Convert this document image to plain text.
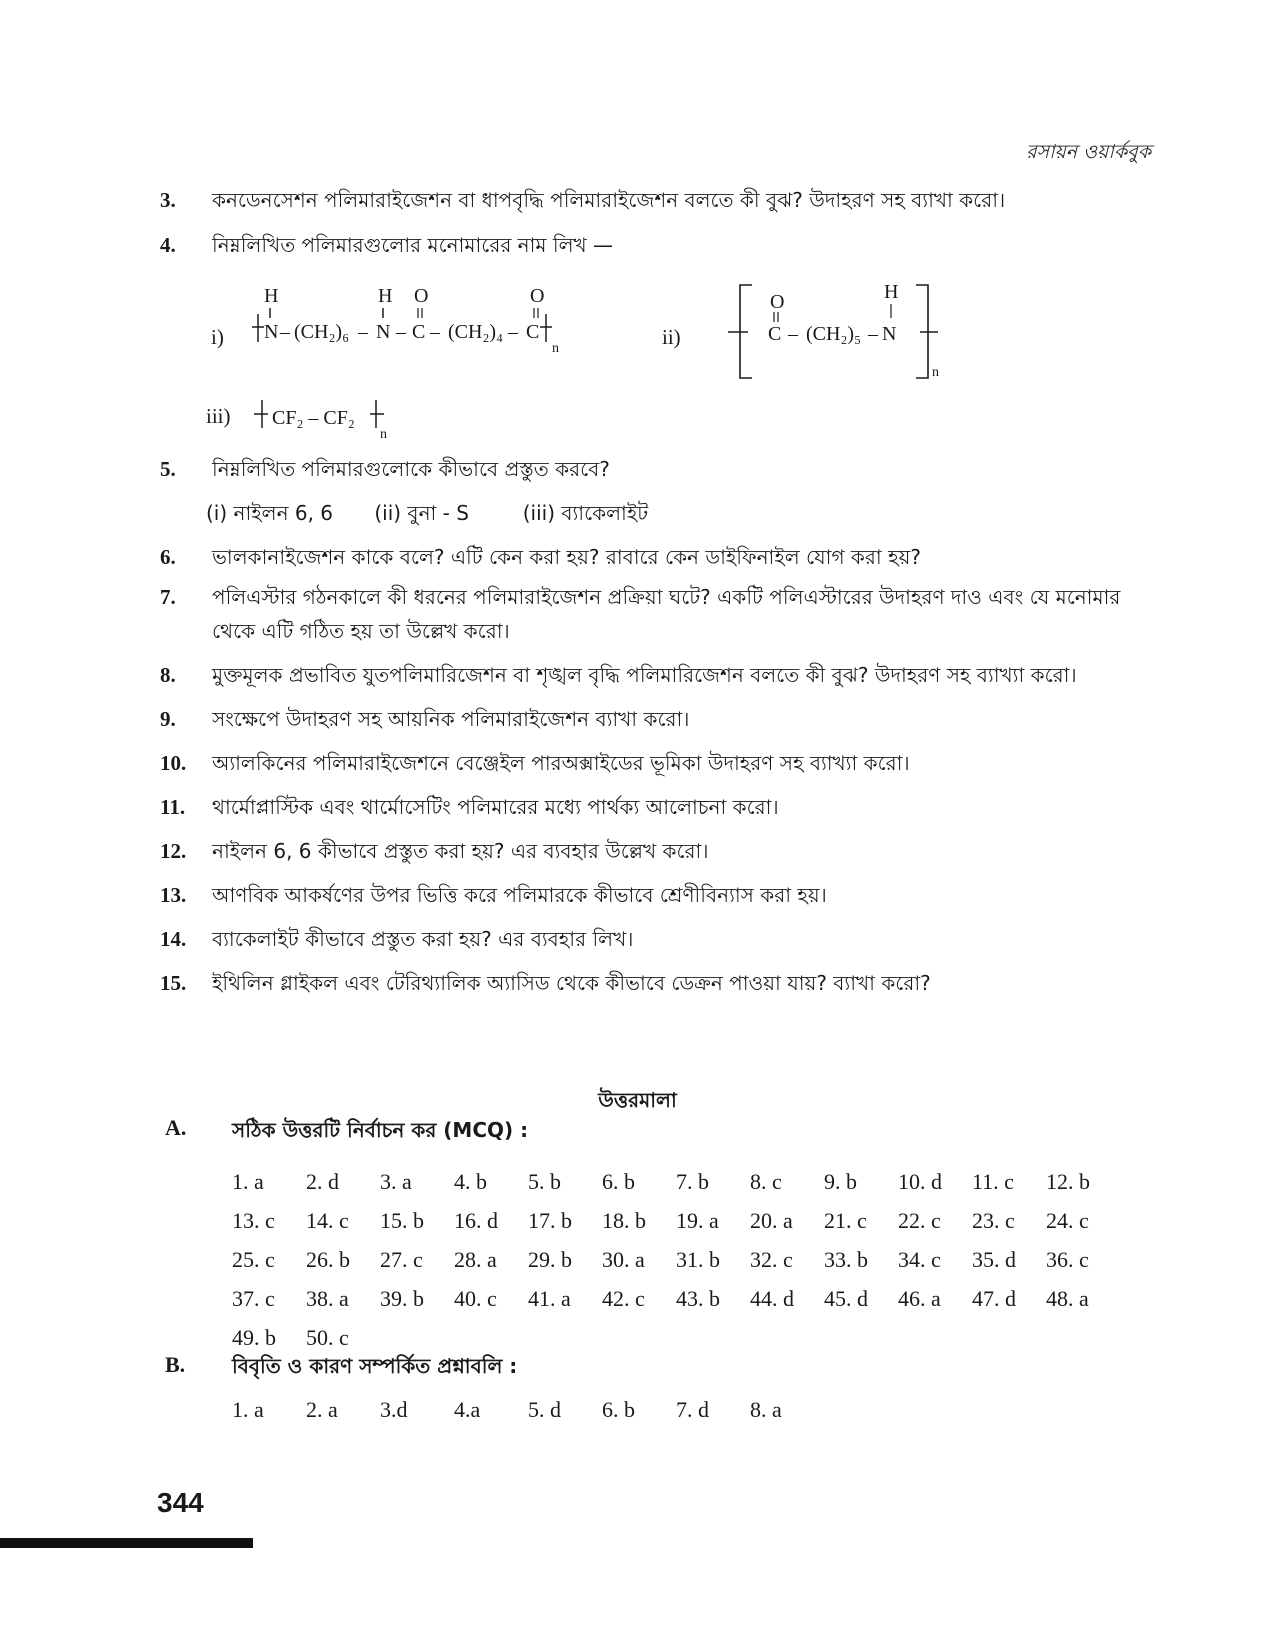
রসায়ন ওয়ার্কবুক
3.	কনডেনসেশন পলিমারাইজেশন বা ধাপবৃদ্ধি পলিমারাইজেশন বলতে কী বুঝ? উদাহরণ সহ ব্যাখা করো।
4.	নিম্নলিখিত পলিমারগুলোর মনোমারের নাম লিখ —
i)
H	H O	O
N – (CH₂)₆ – N – C – (CH₂)₄ – C
n	ii)
O	H
C – (CH₂)₅ – N
n
iii) CF₂ – CF₂
n
5.	নিম্নলিখিত পলিমারগুলোকে কীভাবে প্রস্তুত করবে?
(i) নাইলন 6, 6 (ii) বুনা - S	(iii) ব্যাকেলাইট
6.	ভালকানাইজেশন কাকে বলে? এটি কেন করা হয়? রাবারে কেন ডাইফিনাইল যোগ করা হয়?
7.	পলিএস্টার গঠনকালে কী ধরনের পলিমারাইজেশন প্রক্রিয়া ঘটে? একটি পলিএস্টারের উদাহরণ দাও এবং যে মনোমার থেকে এটি গঠিত হয় তা উল্লেখ করো।
8.	মুক্তমূলক প্রভাবিত যুতপলিমারিজেশন বা শৃঙ্খল বৃদ্ধি পলিমারিজেশন বলতে কী বুঝ? উদাহরণ সহ ব্যাখ্যা করো।
9.	সংক্ষেপে উদাহরণ সহ আয়নিক পলিমারাইজেশন ব্যাখা করো।
10.	অ্যালকিনের পলিমারাইজেশনে বেঞ্জেইল পারঅক্সাইডের ভূমিকা উদাহরণ সহ ব্যাখ্যা করো।
11.	থার্মোপ্লাস্টিক এবং থার্মোসেটিং পলিমারের মধ্যে পার্থক্য আলোচনা করো।
12.	নাইলন 6, 6 কীভাবে প্রস্তুত করা হয়? এর ব্যবহার উল্লেখ করো।
13.	আণবিক আকর্ষণের উপর ভিত্তি করে পলিমারকে কীভাবে শ্রেণীবিন্যাস করা হয়।
14.	ব্যাকেলাইট কীভাবে প্রস্তুত করা হয়? এর ব্যবহার লিখ।
15.	ইথিলিন গ্লাইকল এবং টেরিথ্যালিক অ্যাসিড থেকে কীভাবে ডেক্রন পাওয়া যায়? ব্যাখা করো?
উত্তরমালা
A. সঠিক উত্তরটি নির্বাচন কর (MCQ) :
1. a	2. d	3. a	4. b	5. b	6. b	7. b	8. c	9. b	10. d	11. c	12. b
13. c	14. c	15. b	16. d	17. b	18. b	19. a	20. a	21. c	22. c	23. c	24. c
25. c	26. b	27. c	28. a	29. b	30. a	31. b	32. c	33. b	34. c	35. d	36. c
37. c	38. a	39. b	40. c	41. a	42. c	43. b	44. d	45. d	46. a	47. d	48. a
49. b	50. c
B. বিবৃতি ও কারণ সম্পর্কিত প্রশ্নাবলি :
1. a	2. a	3.d	4.a	5. d	6. b	7. d	8. a
344
